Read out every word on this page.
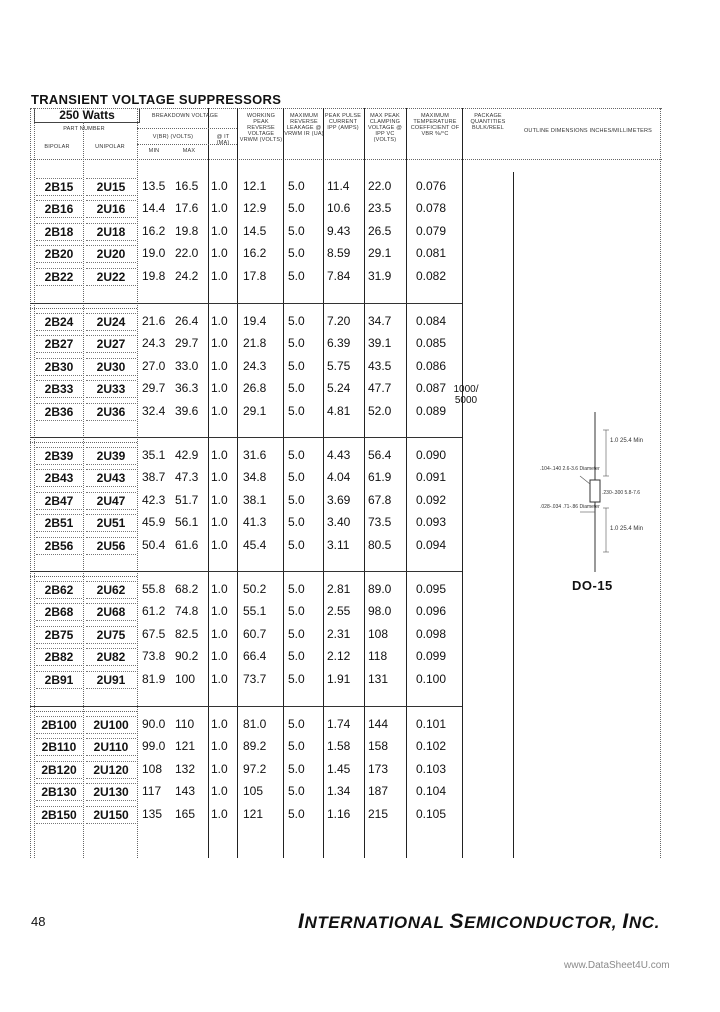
TRANSIENT VOLTAGE SUPPRESSORS
250 Watts
PART NUMBER
BIPOLAR	UNIPOLAR
BREAKDOWN VOLTAGE
V(BR) (VOLTS)
MIN	MAX
@ IT (MA)
WORKING PEAK REVERSE VOLTAGE VRWM (VOLTS)
MAXIMUM REVERSE LEAKAGE @ VRWM IR (UA)
PEAK PULSE CURRENT IPP (AMPS)
MAX PEAK CLAMPING VOLTAGE @ IPP VC (VOLTS)
MAXIMUM TEMPERATURE COEFFICIENT OF VBR %/°C
PACKAGE QUANTITIES BULK/REEL	OUTLINE DIMENSIONS INCHES/MILLIMETERS
2B15	2U15	13.5 16.5	1.0	12.1	5.0	11.4	22.0	0.076
2B16	2U16	14.4 17.6	1.0	12.9	5.0	10.6	23.5	0.078
2B18	2U18	16.2 19.8	1.0	14.5	5.0	9.43	26.5	0.079
2B20	2U20	19.0 22.0	1.0	16.2	5.0	8.59	29.1	0.081
2B22	2U22	19.8 24.2	1.0	17.8	5.0	7.84	31.9	0.082
2B24	2U24	21.6 26.4	1.0	19.4	5.0	7.20	34.7	0.084
2B27	2U27	24.3 29.7	1.0	21.8	5.0	6.39	39.1	0.085
2B30	2U30	27.0 33.0	1.0	24.3	5.0	5.75	43.5	0.086
2B33	2U33	29.7 36.3	1.0	26.8	5.0	5.24	47.7	0.087
2B36	2U36	32.4 39.6	1.0	29.1	5.0	4.81	52.0	0.089
2B39	2U39	35.1 42.9	1.0	31.6	5.0	4.43	56.4	0.090
2B43	2U43	38.7 47.3	1.0	34.8	5.0	4.04	61.9	0.091
2B47	2U47	42.3 51.7	1.0	38.1	5.0	3.69	67.8	0.092
2B51	2U51	45.9 56.1	1.0	41.3	5.0	3.40	73.5	0.093
2B56	2U56	50.4 61.6	1.0	45.4	5.0	3.11	80.5	0.094
2B62	2U62	55.8 68.2	1.0	50.2	5.0	2.81	89.0	0.095
2B68	2U68	61.2 74.8	1.0	55.1	5.0	2.55	98.0	0.096
2B75	2U75	67.5 82.5	1.0	60.7	5.0	2.31	108	0.098
2B82	2U82	73.8 90.2	1.0	66.4	5.0	2.12	118	0.099
2B91	2U91	81.9 100	1.0	73.7	5.0	1.91	131	0.100
2B100	2U100	90.0 110	1.0	81.0	5.0	1.74	144	0.101
2B110	2U110	99.0 121	1.0	89.2	5.0	1.58	158	0.102
2B120	2U120	108	132	1.0	97.2	5.0	1.45	173	0.103
2B130	2U130	117	143	1.0	105	5.0	1.34	187	0.104
2B150	2U150	135	165	1.0	121	5.0	1.16	215	0.105
1000/ 5000
1.0 25.4 Min
.104-.140 2.6-3.6 Diameter
.230-.300 5.8-7.6
.028-.034 .71-.86 Diameter
1.0 25.4 Min
DO-15
48	INTERNATIONAL SEMICONDUCTOR, INC.
www.DataSheet4U.com
